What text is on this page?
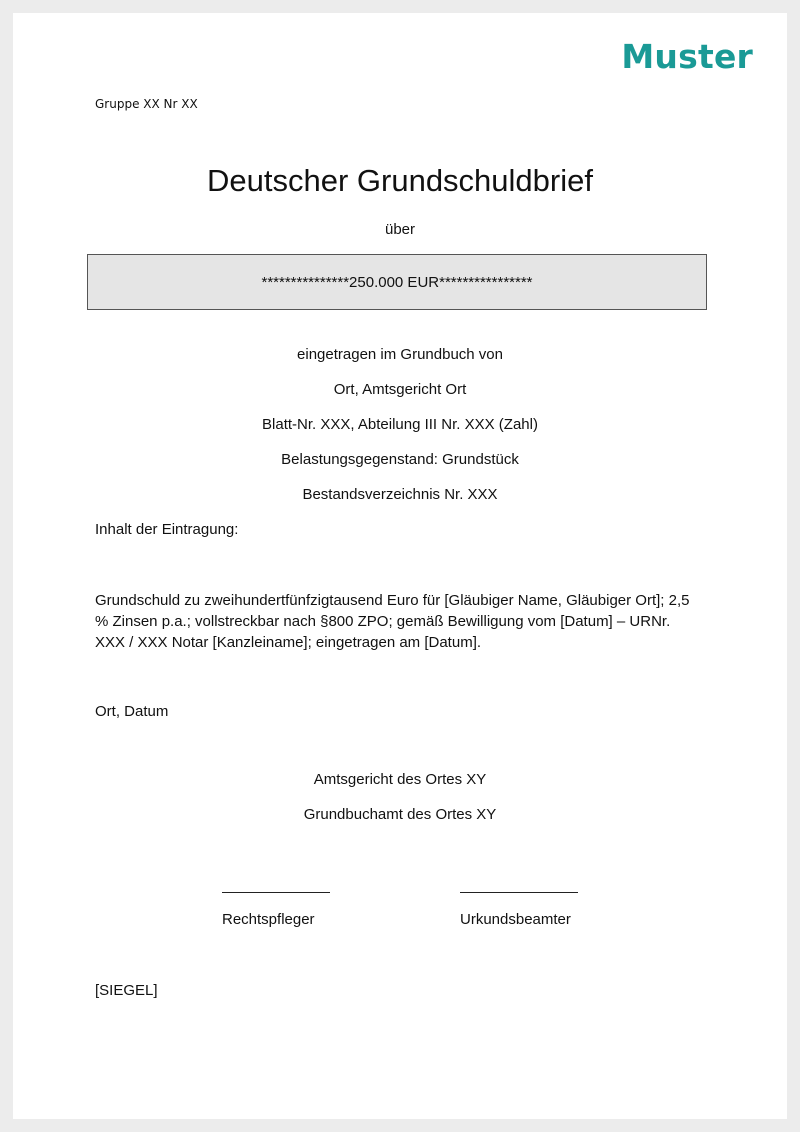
Muster
Gruppe XX Nr XX
Deutscher Grundschuldbrief
über
***************250.000 EUR****************
eingetragen im Grundbuch von
Ort, Amtsgericht Ort
Blatt-Nr. XXX, Abteilung III Nr. XXX (Zahl)
Belastungsgegenstand: Grundstück
Bestandsverzeichnis Nr. XXX
Inhalt der Eintragung:
Grundschuld zu zweihundertfünfzigtausend Euro für [Gläubiger Name, Gläubiger Ort]; 2,5 % Zinsen p.a.; vollstreckbar nach §800 ZPO; gemäß Bewilligung vom [Datum] – URNr. XXX / XXX Notar [Kanzleiname]; eingetragen am [Datum].
Ort, Datum
Amtsgericht des Ortes XY
Grundbuchamt des Ortes XY
Rechtspfleger	Urkundsbeamter
[SIEGEL]
